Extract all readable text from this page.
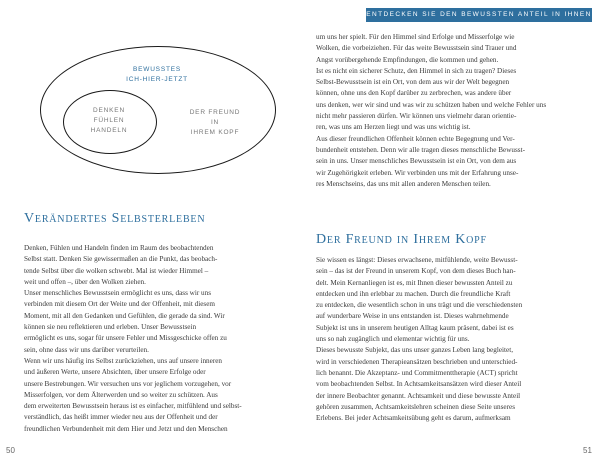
ENTDECKEN SIE DEN BEWUSSTEN ANTEIL IN IHNEN
BEWUSSTES
ICH-HIER-JETZT
DENKEN
FÜHLEN
HANDELN
DER FREUND
IN
IHREM KOPF
Verändertes Selbsterleben
Denken, Fühlen und Handeln finden im Raum des beobachtenden
Selbst statt. Denken Sie gewissermaßen an die Punkt, das beobach-
tende Selbst über die wolken schwebt. Mal ist wieder Himmel –
weit und offen –, über den Wolken ziehen.
Unser menschliches Bewusstsein ermöglicht es uns, dass wir uns
verbinden mit diesem Ort der Weite und der Offenheit, mit diesem
Moment, mit all den Gedanken und Gefühlen, die gerade da sind. Wir
können sie neu reflektieren und erleben. Unser Bewusstsein
ermöglicht es uns, sogar für unsere Fehler und Missgeschicke offen zu
sein, ohne dass wir uns darüber verurteilen.
Wenn wir uns häufig ins Selbst zurückziehen, uns auf unsere inneren
und äußeren Werte, unsere Absichten, über unsere Erfolge oder
unsere Bestrebungen. Wir versuchen uns vor jeglichem vorzugehen, vor
Misserfolgen, vor dem Älterwerden und so weiter zu schützen. Aus
dem erweiterten Bewusstsein heraus ist es einfacher, mitfühlend und selbst-
verständlich, das heißt immer wieder neu aus der Offenheit und der
freundlichen Verbundenheit mit dem Hier und Jetzt und den Menschen
50
um uns her spielt. Für den Himmel sind Erfolge und Misserfolge wie
Wolken, die vorbeiziehen. Für das weite Bewusstsein sind Trauer und
Angst vorübergehende Empfindungen, die kommen und gehen.
Ist es nicht ein sicherer Schutz, den Himmel in sich zu tragen? Dieses
Selbst-Bewusstsein ist ein Ort, von dem aus wir der Welt begegnen
können, ohne uns den Kopf darüber zu zerbrechen, was andere über
uns denken, wer wir sind und was wir zu schützen haben und welche Fehler uns
nicht mehr passieren dürfen. Wir können uns vielmehr daran orientie-
ren, was uns am Herzen liegt und was uns wichtig ist.
Aus dieser freundlichen Offenheit können echte Begegnung und Ver-
bundenheit entstehen. Denn wir alle tragen dieses menschliche Bewusst-
sein in uns. Unser menschliches Bewusstsein ist ein Ort, von dem aus
wir Zugehörigkeit erleben. Wir verbinden uns mit der Erfahrung unse-
res Menschseins, das uns mit allen anderen Menschen teilen.
Der Freund in Ihrem Kopf
Sie wissen es längst: Dieses erwachsene, mitfühlende, weite Bewusst-
sein – das ist der Freund in unserem Kopf, von dem dieses Buch han-
delt. Mein Kernanliegen ist es, mit Ihnen dieser bewussten Anteil zu
entdecken und ihn erlebbar zu machen. Durch die freundliche Kraft
zu entdecken, die wesentlich schon in uns trägt und die verschiedensten
auf wunderbare Weise in uns entstanden ist. Dieses wahrnehmende
Subjekt ist uns in unserem heutigen Alltag kaum präsent, dabei ist es
uns so nah zugänglich und elementar wichtig für uns.
Dieses bewusste Subjekt, das uns unser ganzes Leben lang begleitet,
wird in verschiedenen Therapieansätzen beschrieben und unterschied-
lich benannt. Die Akzeptanz- und Commitmenttherapie (ACT) spricht
vom beobachtenden Selbst. In Achtsamkeitsansätzen wird dieser Anteil
der innere Beobachter genannt. Achtsamkeit und diese bewusste Anteil
gehören zusammen, Achtsamkeitslehren scheinen diese Seite unseres
Erlebens. Bei jeder Achtsamkeitsübung geht es darum, aufmerksam
51
